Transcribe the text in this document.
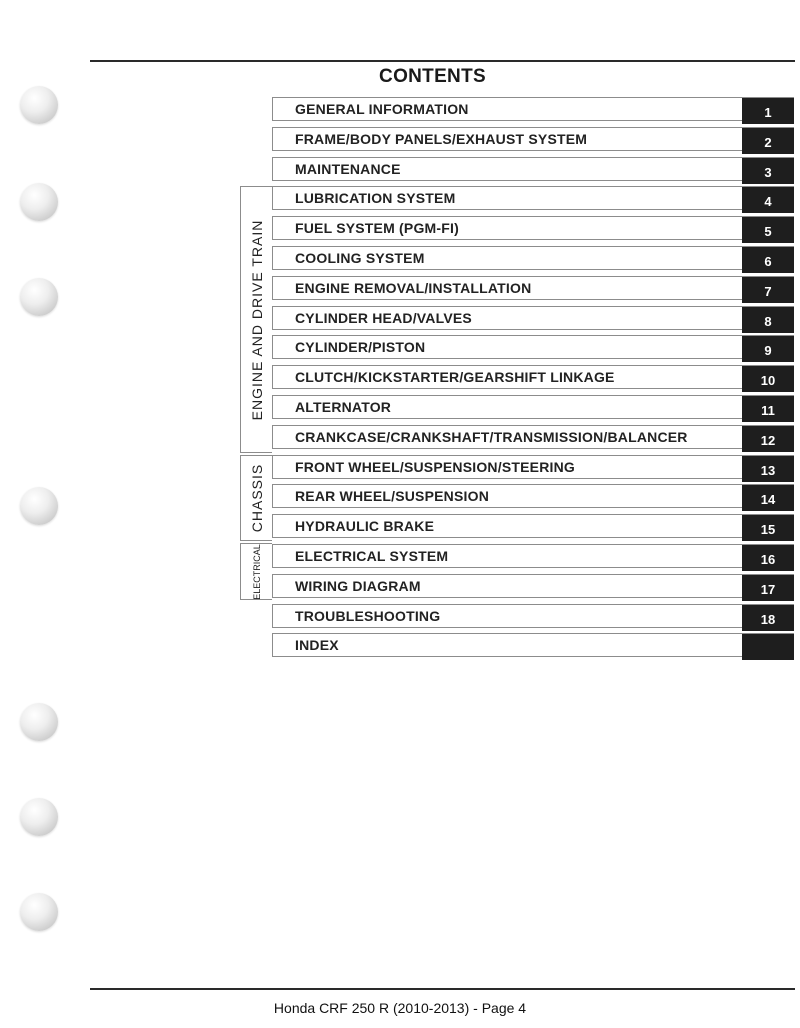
CONTENTS
ENGINE AND DRIVE TRAIN
CHASSIS
ELECTRICAL
GENERAL INFORMATION	1
FRAME/BODY PANELS/EXHAUST SYSTEM	2
MAINTENANCE	3
LUBRICATION SYSTEM	4
FUEL SYSTEM (PGM-FI)	5
COOLING SYSTEM	6
ENGINE REMOVAL/INSTALLATION	7
CYLINDER HEAD/VALVES	8
CYLINDER/PISTON	9
CLUTCH/KICKSTARTER/GEARSHIFT LINKAGE	10
ALTERNATOR	11
CRANKCASE/CRANKSHAFT/TRANSMISSION/BALANCER	12
FRONT WHEEL/SUSPENSION/STEERING	13
REAR WHEEL/SUSPENSION	14
HYDRAULIC BRAKE	15
ELECTRICAL SYSTEM	16
WIRING DIAGRAM	17
TROUBLESHOOTING	18
INDEX
Honda CRF 250 R (2010-2013) - Page 4
